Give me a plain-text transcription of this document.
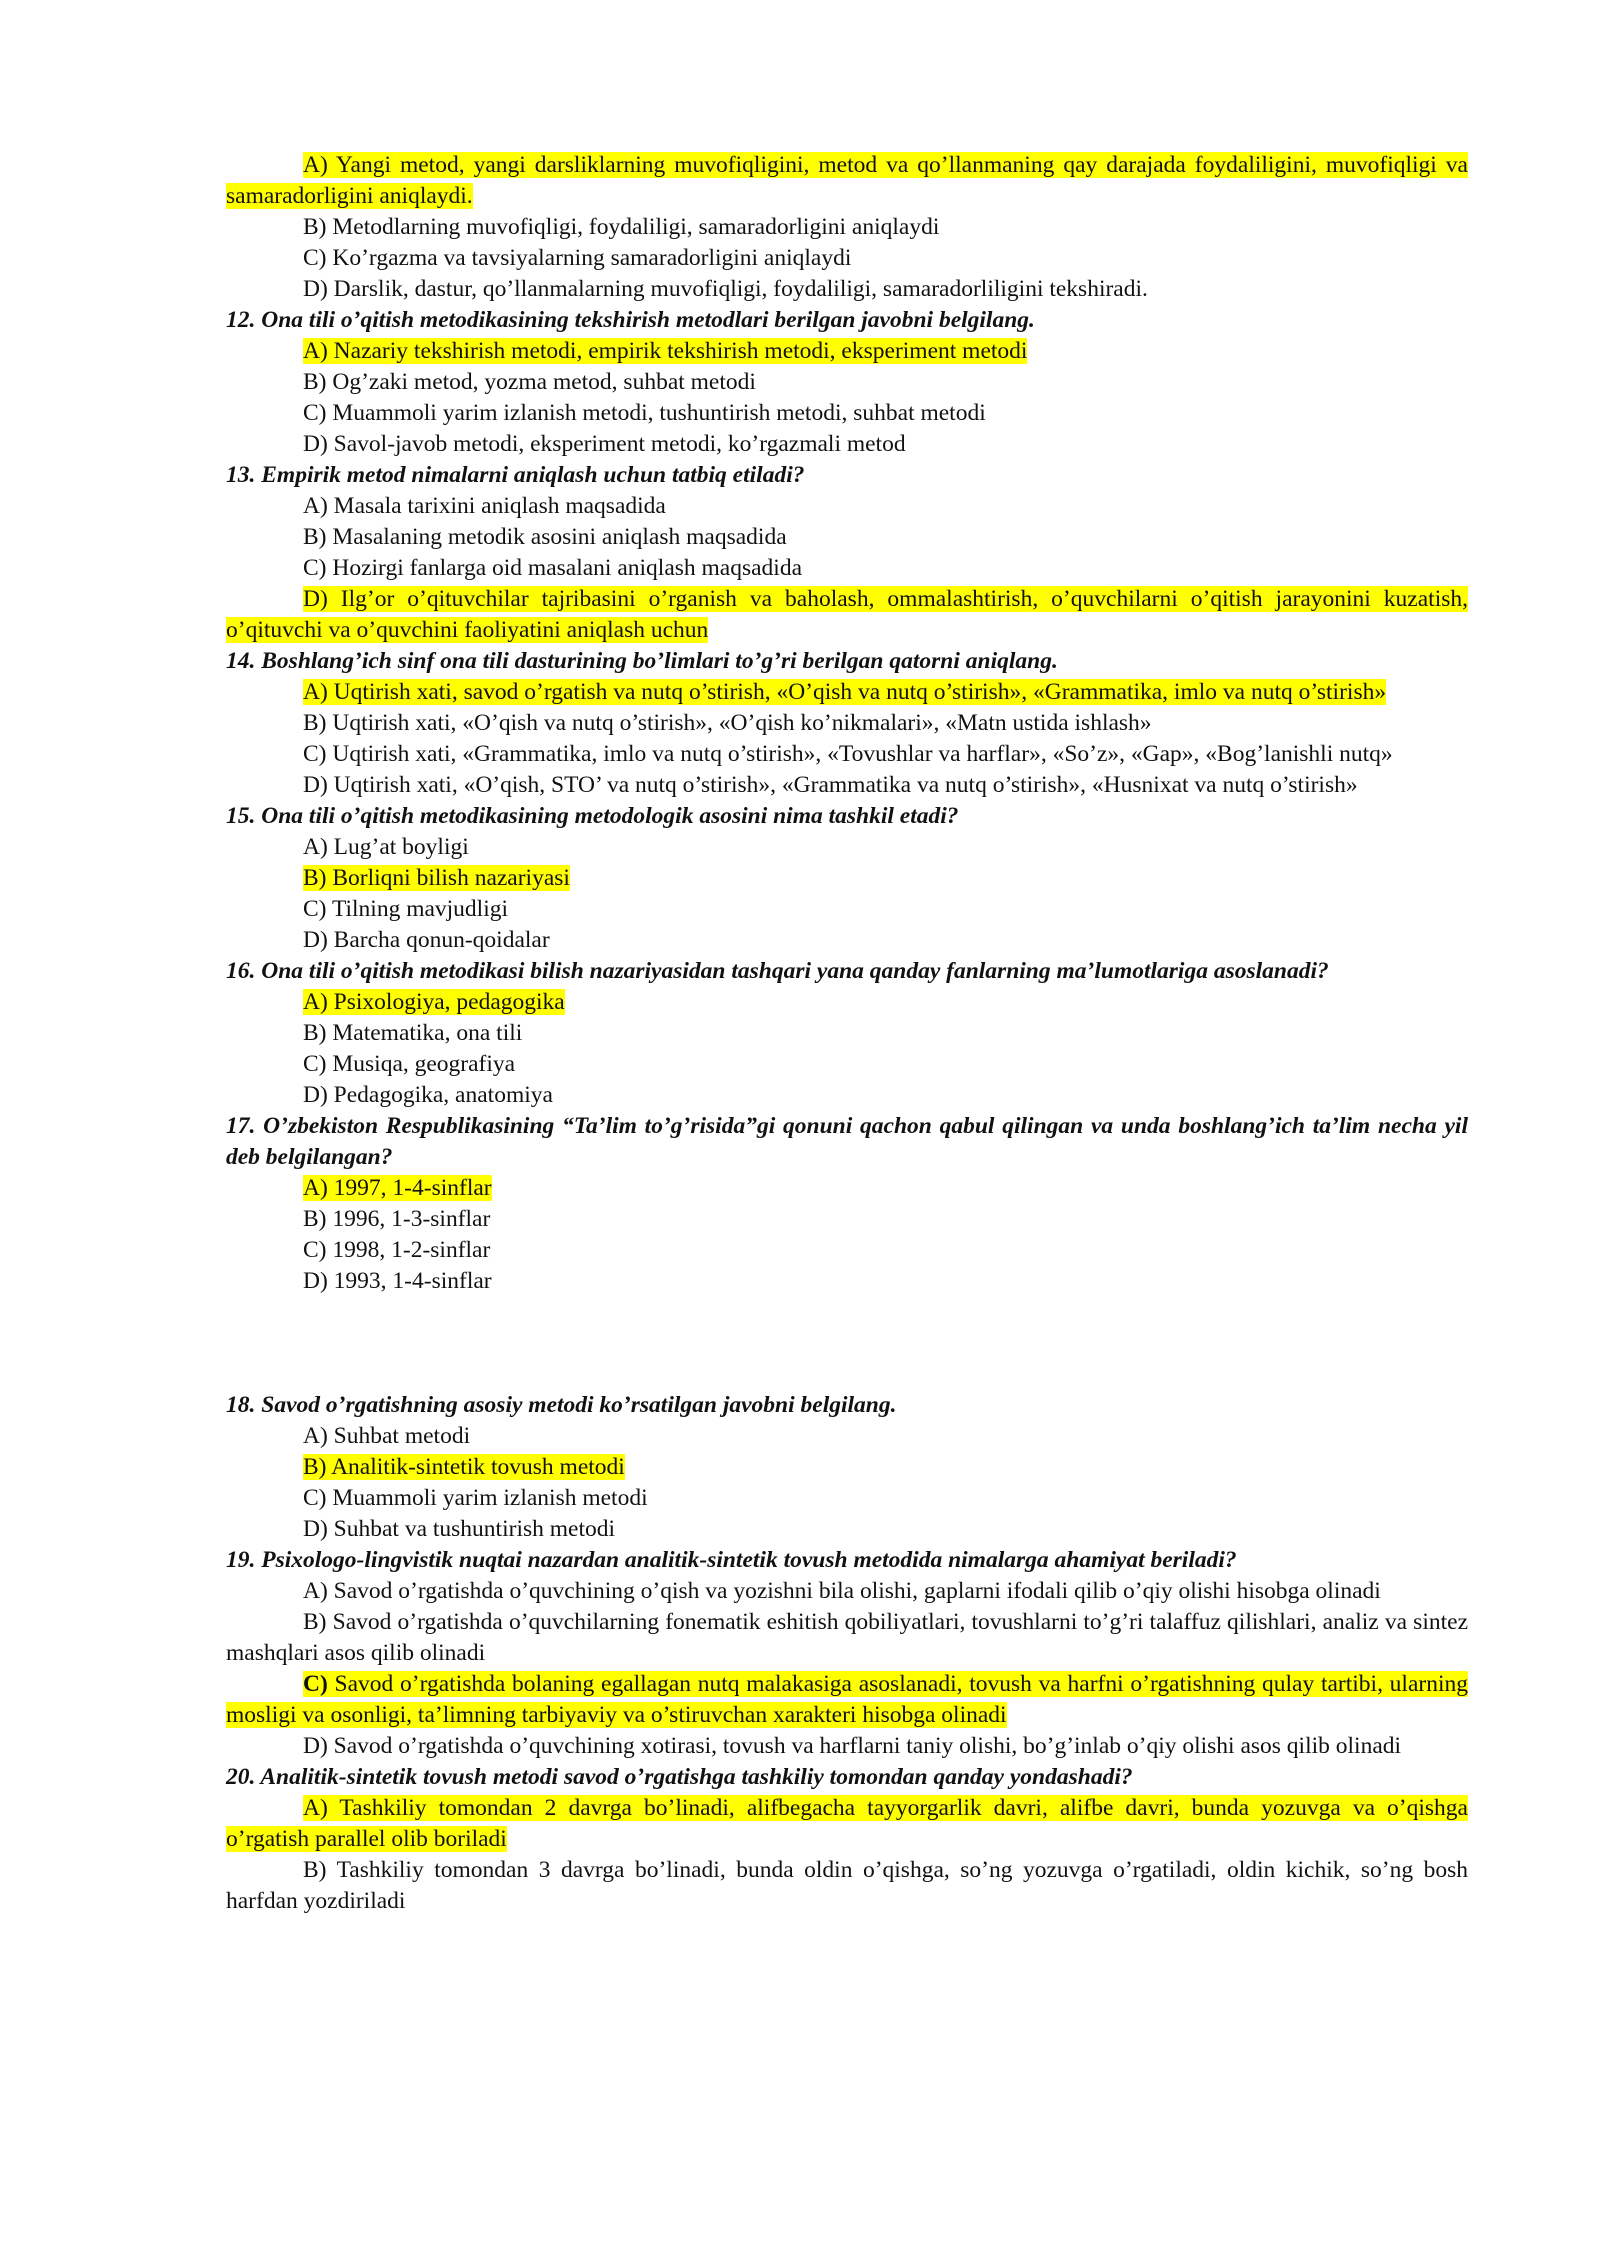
A) Yangi metod, yangi darsliklarning muvofiqligini, metod va qo’llanmaning qay darajada foydaliligini, muvofiqligi va samaradorligini aniqlaydi.

B) Metodlarning muvofiqligi, foydaliligi, samaradorligini aniqlaydi

C) Ko’rgazma va tavsiyalarning samaradorligini aniqlaydi

D) Darslik, dastur, qo’llanmalarning muvofiqligi, foydaliligi, samaradorliligini tekshiradi.

12. Ona tili o’qitish metodikasining tekshirish metodlari berilgan javobni belgilang.

A) Nazariy tekshirish metodi, empirik tekshirish metodi, eksperiment metodi

B) Og’zaki metod, yozma metod, suhbat metodi

C) Muammoli yarim izlanish metodi, tushuntirish metodi, suhbat metodi

D) Savol-javob metodi, eksperiment metodi, ko’rgazmali metod

13. Empirik metod nimalarni aniqlash uchun tatbiq etiladi?

A) Masala tarixini aniqlash maqsadida

B) Masalaning metodik asosini aniqlash maqsadida

C) Hozirgi fanlarga oid masalani aniqlash maqsadida

D) Ilg’or o’qituvchilar tajribasini o’rganish va baholash, ommalashtirish, o’quvchilarni o’qitish jarayonini kuzatish, o’qituvchi va o’quvchini faoliyatini aniqlash uchun

14. Boshlang’ich sinf ona tili dasturining bo’limlari to’g’ri berilgan qatorni aniqlang.

A) Uqtirish xati, savod o’rgatish va nutq o’stirish, «O’qish va nutq o’stirish», «Grammatika, imlo va nutq o’stirish»

B) Uqtirish xati, «O’qish va nutq o’stirish», «O’qish ko’nikmalari», «Matn ustida ishlash»

C) Uqtirish xati, «Grammatika, imlo va nutq o’stirish», «Tovushlar va harflar», «So’z», «Gap», «Bog’lanishli nutq»

D) Uqtirish xati, «O’qish, STO’ va nutq o’stirish», «Grammatika va nutq o’stirish», «Husnixat va nutq o’stirish»

15. Ona tili o’qitish metodikasining metodologik asosini nima tashkil etadi?

A) Lug’at boyligi

B) Borliqni bilish nazariyasi

C) Tilning mavjudligi

D) Barcha qonun-qoidalar

16. Ona tili o’qitish metodikasi bilish nazariyasidan tashqari yana qanday fanlarning ma’lumotlariga asoslanadi?

A) Psixologiya, pedagogika

B) Matematika, ona tili

C) Musiqa, geografiya

D) Pedagogika, anatomiya

17. O’zbekiston Respublikasining “Ta’lim to’g’risida”gi qonuni qachon qabul qilingan va unda boshlang’ich ta’lim necha yil deb belgilangan?

A) 1997, 1-4-sinflar

B) 1996, 1-3-sinflar

C) 1998, 1-2-sinflar

D) 1993, 1-4-sinflar

18. Savod o’rgatishning asosiy metodi ko’rsatilgan javobni belgilang.

A) Suhbat metodi

B) Analitik-sintetik tovush metodi

C) Muammoli yarim izlanish metodi

D) Suhbat va tushuntirish metodi

19. Psixologo-lingvistik nuqtai nazardan analitik-sintetik tovush metodida nimalarga ahamiyat beriladi?

A) Savod o’rgatishda o’quvchining o’qish va yozishni bila olishi, gaplarni ifodali qilib o’qiy olishi hisobga olinadi

B) Savod o’rgatishda o’quvchilarning fonematik eshitish qobiliyatlari, tovushlarni to’g’ri talaffuz qilishlari, analiz va sintez mashqlari asos qilib olinadi

C) Savod o’rgatishda bolaning egallagan nutq malakasiga asoslanadi, tovush va harfni o’rgatishning qulay tartibi, ularning mosligi va osonligi, ta’limning tarbiyaviy va o’stiruvchan xarakteri hisobga olinadi

D) Savod o’rgatishda o’quvchining xotirasi, tovush va harflarni taniy olishi, bo’g’inlab o’qiy olishi asos qilib olinadi

20. Analitik-sintetik tovush metodi savod o’rgatishga tashkiliy tomondan qanday yondashadi?

A) Tashkiliy tomondan 2 davrga bo’linadi, alifbegacha tayyorgarlik davri, alifbe davri, bunda yozuvga va o’qishga o’rgatish parallel olib boriladi

B) Tashkiliy tomondan 3 davrga bo’linadi, bunda oldin o’qishga, so’ng yozuvga o’rgatiladi, oldin kichik, so’ng bosh harfdan yozdiriladi
